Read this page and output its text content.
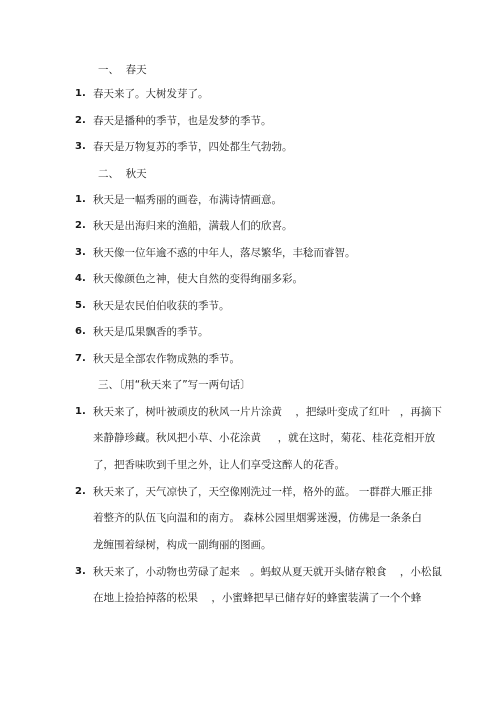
一、  春天
1. 春天来了。大树发芽了。
2. 春天是播种的季节，也是发梦的季节。
3. 春天是万物复苏的季节，四处都生气勃勃。
二、  秋天
1. 秋天是一幅秀丽的画卷，布满诗情画意。
2. 秋天是出海归来的渔船，满载人们的欣喜。
3. 秋天像一位年逾不惑的中年人，落尽繁华，丰稔而睿智。
4. 秋天像颜色之神，使大自然的变得绚丽多彩。
5. 秋天是农民伯伯收获的季节。
6. 秋天是瓜果飘香的季节。
7. 秋天是全部农作物成熟的季节。
三、〔用“秋天来了”写一两句话〕
1. 秋天来了，树叶被顽皮的秋风一片片涂黄    ，把绿叶变成了红叶   ，再摘下
来静静珍藏。秋风把小草、小花涂黄     ，就在这时，菊花、桂花竞相开放
了，把香味吹到千里之外，让人们享受这醉人的花香。
2. 秋天来了，天气凉快了，天空像刚洗过一样，格外的蓝。 一群群大雁正排
着整齐的队伍飞向温和的南方。 森林公园里烟雾迷漫，仿佛是一条条白
龙缠围着绿树，构成一副绚丽的图画。
3. 秋天来了，小动物也劳碌了起来   。蚂蚁从夏天就开头储存粮食    ，小松鼠
在地上捡拾掉落的松果    ，小蜜蜂把早已储存好的蜂蜜装满了一个个蜂
